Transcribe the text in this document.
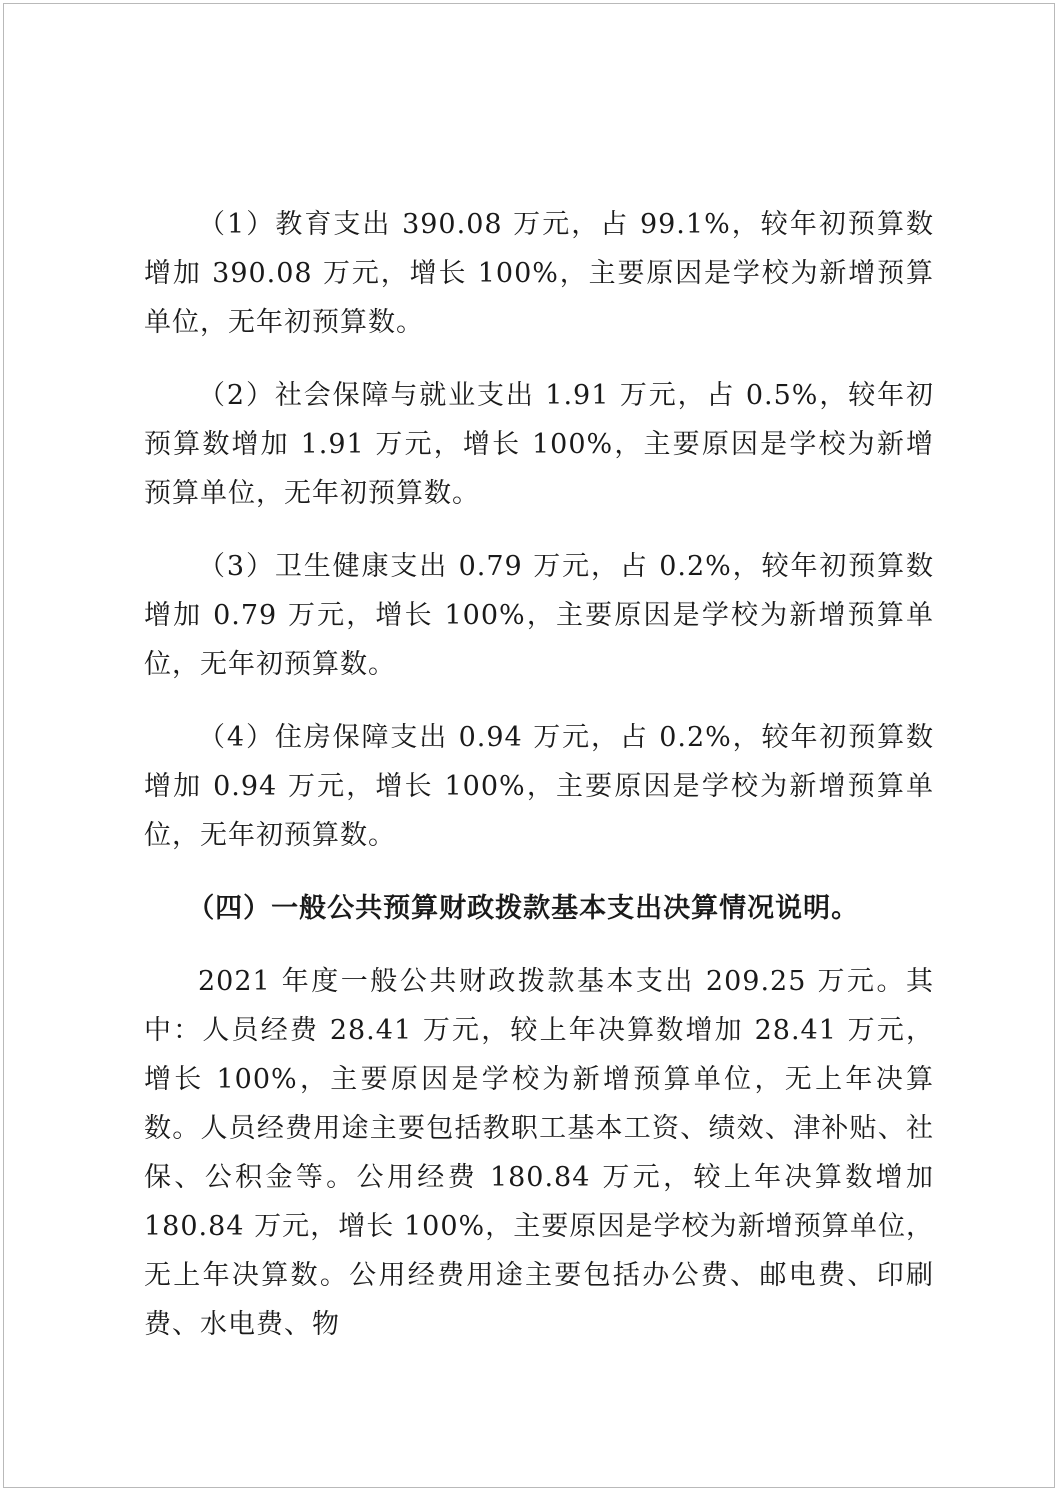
（1）教育支出 390.08 万元，占 99.1%，较年初预算数增加 390.08 万元，增长 100%，主要原因是学校为新增预算单位，无年初预算数。

（2）社会保障与就业支出 1.91 万元，占 0.5%，较年初预算数增加 1.91 万元，增长 100%，主要原因是学校为新增预算单位，无年初预算数。

（3）卫生健康支出 0.79 万元，占 0.2%，较年初预算数增加 0.79 万元，增长 100%，主要原因是学校为新增预算单位，无年初预算数。

（4）住房保障支出 0.94 万元，占 0.2%，较年初预算数增加 0.94 万元，增长 100%，主要原因是学校为新增预算单位，无年初预算数。

（四）一般公共预算财政拨款基本支出决算情况说明。

2021 年度一般公共财政拨款基本支出 209.25 万元。其中：人员经费 28.41 万元，较上年决算数增加 28.41 万元，增长 100%，主要原因是学校为新增预算单位，无上年决算数。人员经费用途主要包括教职工基本工资、绩效、津补贴、社保、公积金等。公用经费 180.84 万元，较上年决算数增加 180.84 万元，增长 100%，主要原因是学校为新增预算单位，无上年决算数。公用经费用途主要包括办公费、邮电费、印刷费、水电费、物
